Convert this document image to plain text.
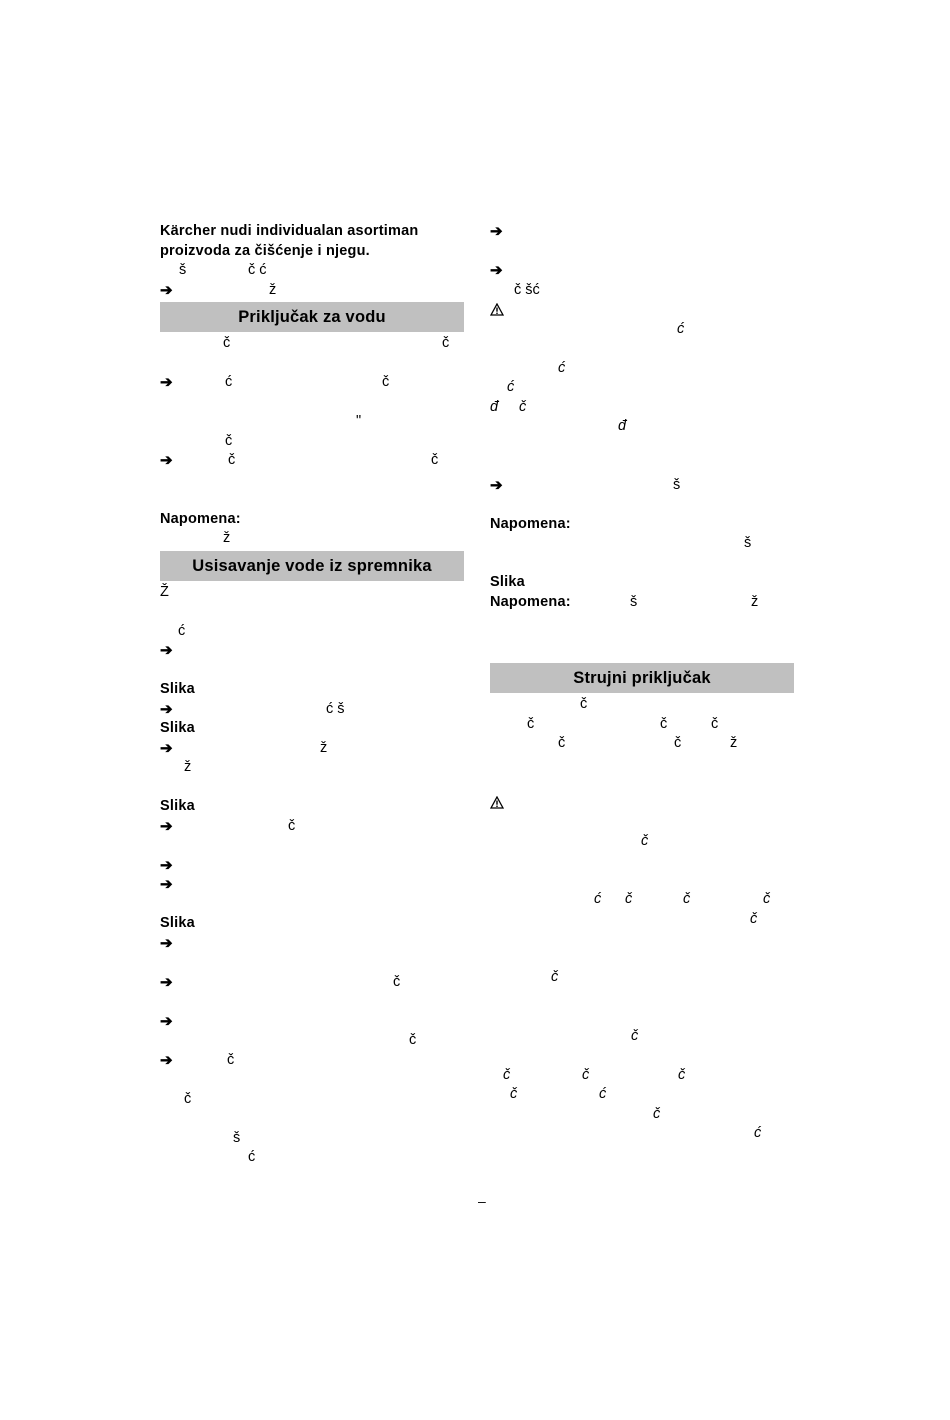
Kärcher nudi individualan asortiman
proizvoda za čišćenje i njegu.

š

	č ć

➔

	ž

Priključak za vodu

č

	č

➔

	ć

	č

"

č

➔

	č

	č

Napomena:

ž

Usisavanje vode iz spremnika

Ž

ć

➔

Slika

➔

	ć š

Slika

➔

	ž

ž

Slika

➔

	č

➔

➔

Slika

➔

➔

	č

➔

č

➔

	č

č

š

ć

➔

➔

č šć

ć

ć

ć

đ

č

đ

➔

	š

Napomena:

š

Slika

Napomena:

	š

	ž

Strujni priključak

č

č

	č

	č

č

	č

	ž

č

ć

č

	č

	č

č

č

č

č

	č

	č

č

	ć

č

ć

–
